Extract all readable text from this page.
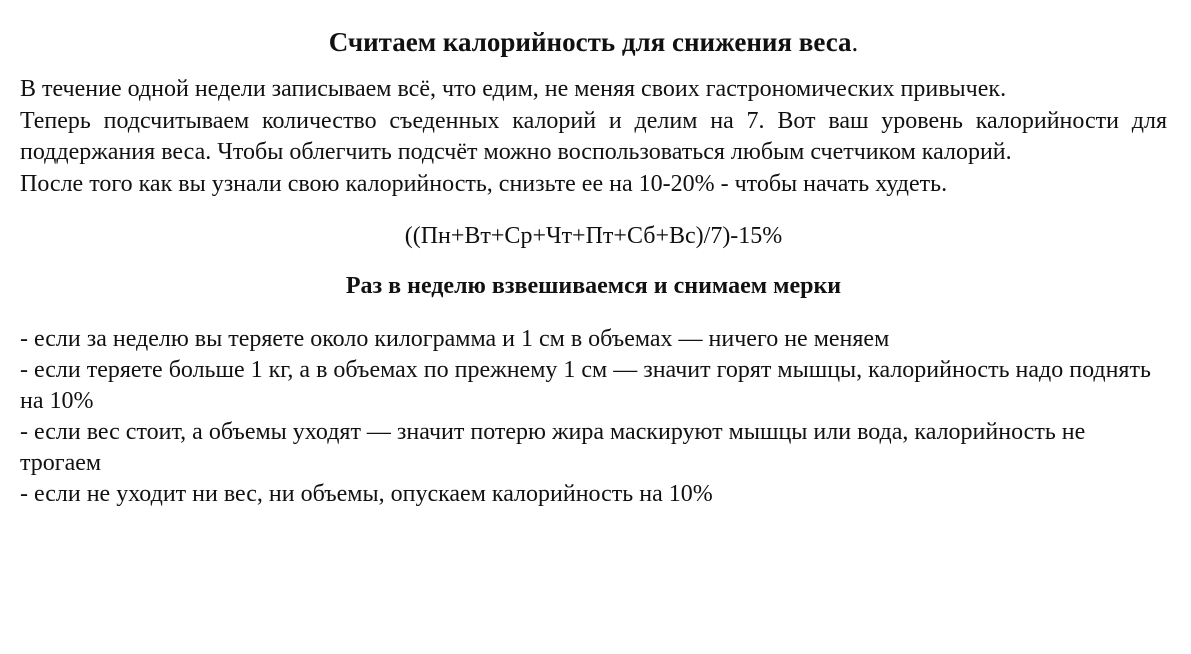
Считаем калорийность для снижения веса.

В течение одной недели записываем всё, что едим, не меняя своих гастрономических привычек.

Теперь подсчитываем количество съеденных калорий и делим на 7. Вот ваш уровень калорийности для поддержания веса. Чтобы облегчить подсчёт можно воспользоваться любым счетчиком калорий.

После того как вы узнали свою калорийность, снизьте ее на 10-20% - чтобы начать худеть.

((Пн+Вт+Ср+Чт+Пт+Сб+Вс)/7)-15%
Раз в неделю взвешиваемся и снимаем мерки
- если за неделю вы теряете около килограмма и 1 см в объемах — ничего не меняем
- если теряете больше 1 кг, а в объемах по прежнему 1 см — значит горят мышцы, калорийность надо поднять на 10%
- если вес стоит, а объемы уходят — значит потерю жира маскируют мышцы или вода, калорийность не трогаем
- если не уходит ни вес, ни объемы, опускаем калорийность на 10%
